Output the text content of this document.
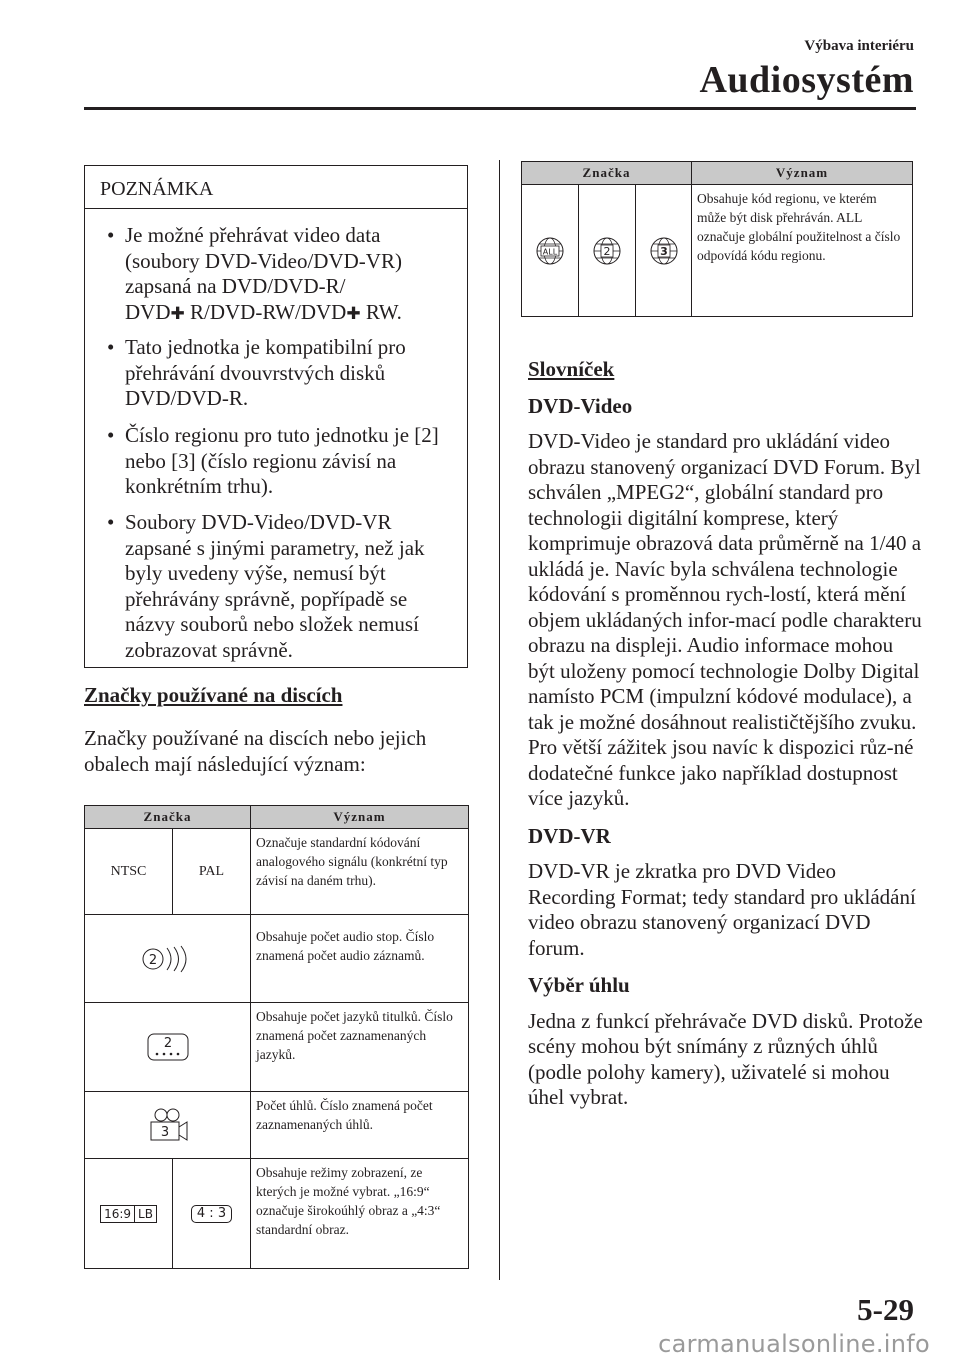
Výbava interiéru
Audiosystém
POZNÁMKA
• Je možné přehrávat video data
(soubory DVD-Video/DVD-VR)
zapsaná na DVD/DVD-R/
DVD✚ R/DVD-RW/DVD✚ RW.
• Tato jednotka je kompatibilní pro přehrávání dvouvrstvých disků DVD/DVD-R.
• Číslo regionu pro tuto jednotku je [2] nebo [3] (číslo regionu závisí na konkrétním trhu).
• Soubory DVD-Video/DVD-VR zapsané s jinými parametry, než jak byly uvedeny výše, nemusí být přehrávány správně, popřípadě se názvy souborů nebo složek nemusí zobrazovat správně.
Značky používané na discích
Značky používané na discích nebo jejich obalech mají následující význam:
Značka		Význam
NTSC	PAL	Označuje standardní kódování analogového signálu (konkrétní typ závisí na daném trhu).

2		Obsahuje počet audio stop. Číslo znamená počet audio záznamů.

2		Obsahuje počet jazyků titulků. Číslo znamená počet zaznamenaných jazyků.

3		Počet úhlů. Číslo znamená počet zaznamenaných úhlů.
16:9 LB	4 : 3	Obsahuje režimy zobrazení, ze kterých je možné vybrat. „16:9“ označuje širokoúhlý obraz a „4:3“ standardní obraz.
Značka			Význam

ALL	2	3	Obsahuje kód regionu, ve kterém může být disk přehráván. ALL označuje globální použitelnost a číslo odpovídá kódu regionu.

Slovníček

DVD-Video

DVD-Video je standard pro ukládání video obrazu stanovený organizací DVD Forum. Byl schválen „MPEG2“, globální standard pro technologii digitální komprese, který komprimuje obrazová data průměrně na 1/40 a ukládá je. Navíc byla schválena technologie kódování s proměnnou rych-lostí, která mění objem ukládaných infor-mací podle charakteru obrazu na displeji. Audio informace mohou být uloženy pomocí technologie Dolby Digital namísto PCM (impulzní kódové modulace), a tak je možné dosáhnout realističtějšího zvuku. Pro větší zážitek jsou navíc k dispozici růz-né dodatečné funkce jako například dostupnost více jazyků.

DVD-VR

DVD-VR je zkratka pro DVD Video Recording Format; tedy standard pro ukládání video obrazu stanovený organizací DVD forum.

Výběr úhlu

Jedna z funkcí přehrávače DVD disků. Protože scény mohou být snímány z různých úhlů (podle polohy kamery), uživatelé si mohou úhel vybrat.

5-29
carmanualsonline.info
